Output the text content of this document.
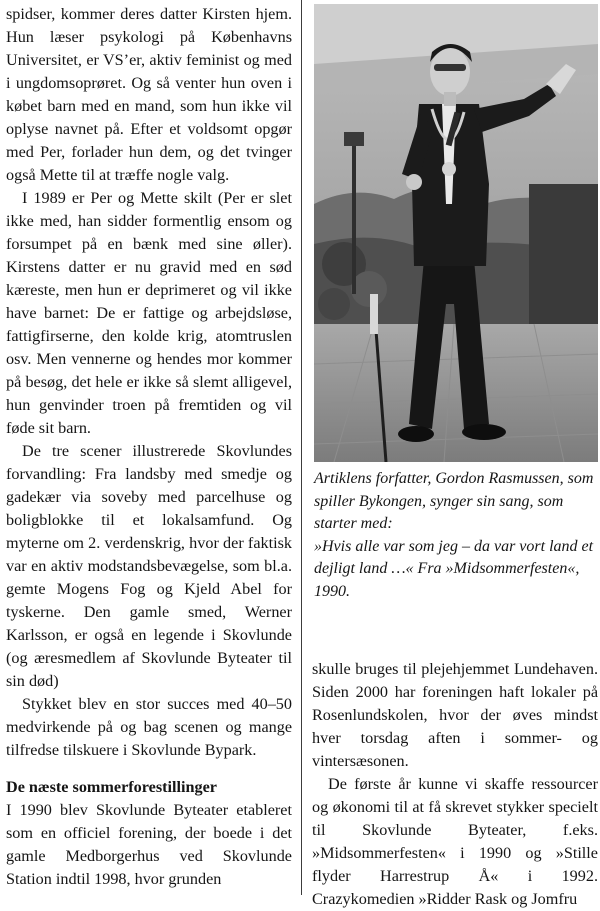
spidser, kommer deres datter Kirsten hjem. Hun læser psykologi på Københavns Universitet, er VS’er, aktiv feminist og med i ungdomsoprøret. Og så venter hun oven i købet barn med en mand, som hun ikke vil oplyse navnet på. Efter et voldsomt opgør med Per, forlader hun dem, og det tvinger også Mette til at træffe nogle valg.

I 1989 er Per og Mette skilt (Per er slet ikke med, han sidder formentlig ensom og forsumpet på en bænk med sine øller). Kirstens datter er nu gravid med en sød kæreste, men hun er deprimeret og vil ikke have barnet: De er fattige og arbejdsløse, fattigfirserne, den kolde krig, atomtruslen osv. Men vennerne og hendes mor kommer på besøg, det hele er ikke så slemt alligevel, hun genvinder troen på fremtiden og vil føde sit barn.

De tre scener illustrerede Skovlundes forvandling: Fra landsby med smedje og gadekær via soveby med parcelhuse og boligblokke til et lokalsamfund. Og myterne om 2. verdenskrig, hvor der faktisk var en aktiv modstandsbevægelse, som bl.a. gemte Mogens Fog og Kjeld Abel for tyskerne. Den gamle smed, Werner Karlsson, er også en legende i Skovlunde (og æresmedlem af Skovlunde Byteater til sin død)

Stykket blev en stor succes med 40–50 medvirkende på og bag scenen og mange tilfredse tilskuere i Skovlunde Bypark.

De næste sommerforestillinger

I 1990 blev Skovlunde Byteater etableret som en officiel forening, der boede i det gamle Medborgerhus ved Skovlunde Station indtil 1998, hvor grunden

Artiklens forfatter, Gordon Rasmussen, som spiller Bykongen, synger sin sang, som starter med:

»Hvis alle var som jeg – da var vort land et dejligt land …« Fra »Midsommerfesten«, 1990.

skulle bruges til plejehjemmet Lundehaven. Siden 2000 har foreningen haft lokaler på Rosenlundskolen, hvor der øves mindst hver torsdag aften i sommer- og vintersæsonen.

De første år kunne vi skaffe ressourcer og økonomi til at få skrevet stykker specielt til Skovlunde Byteater, f.eks. »Midsommerfesten« i 1990 og »Stille flyder Harrestrup Å« i 1992. Crazykomedien »Ridder Rask og Jomfru
